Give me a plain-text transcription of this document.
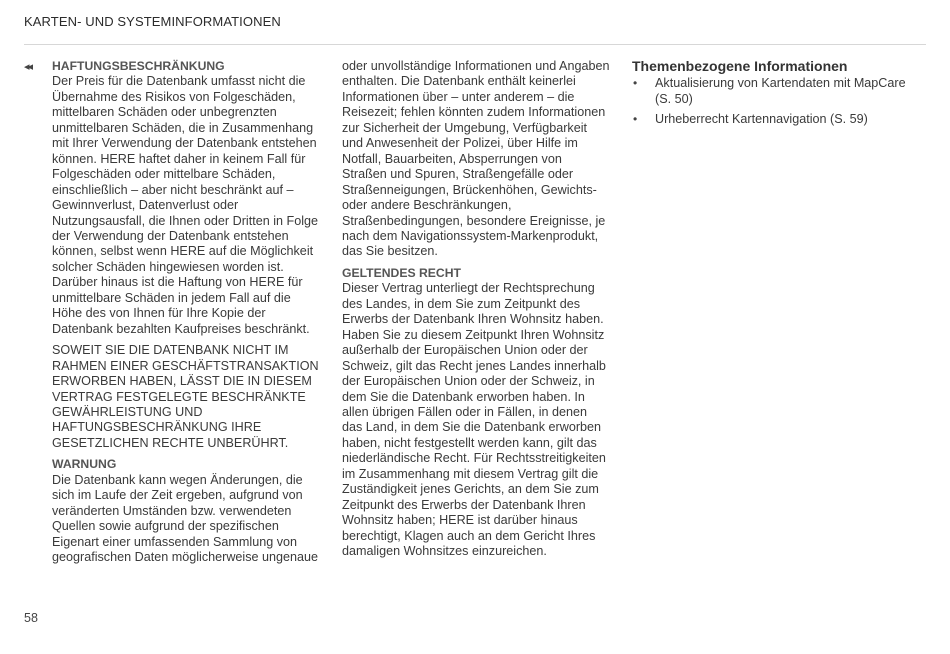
KARTEN- UND SYSTEMINFORMATIONEN
◂◂ HAFTUNGSBESCHRÄNKUNG

Der Preis für die Datenbank umfasst nicht die Übernahme des Risikos von Folgeschäden, mittelbaren Schäden oder unbegrenzten unmittelbaren Schäden, die in Zusammenhang mit Ihrer Verwendung der Datenbank entstehen können. HERE haftet daher in keinem Fall für Folgeschäden oder mittelbare Schäden, einschließlich – aber nicht beschränkt auf – Gewinnverlust, Datenverlust oder Nutzungsausfall, die Ihnen oder Dritten in Folge der Verwendung der Datenbank entstehen können, selbst wenn HERE auf die Möglichkeit solcher Schäden hingewiesen worden ist. Darüber hinaus ist die Haftung von HERE für unmittelbare Schäden in jedem Fall auf die Höhe des von Ihnen für Ihre Kopie der Datenbank bezahlten Kaufpreises beschränkt.

SOWEIT SIE DIE DATENBANK NICHT IM RAHMEN EINER GESCHÄFTSTRANSAKTION ERWORBEN HABEN, LÄSST DIE IN DIESEM VERTRAG FESTGELEGTE BESCHRÄNKTE GEWÄHRLEISTUNG UND HAFTUNGSBESCHRÄNKUNG IHRE GESETZLICHEN RECHTE UNBERÜHRT.

WARNUNG

Die Datenbank kann wegen Änderungen, die sich im Laufe der Zeit ergeben, aufgrund von veränderten Umständen bzw. verwendeten Quellen sowie aufgrund der spezifischen Eigenart einer umfassenden Sammlung von geografischen Daten möglicherweise ungenaue

oder unvollständige Informationen und Angaben enthalten. Die Datenbank enthält keinerlei Informationen über – unter anderem – die Reisezeit; fehlen könnten zudem Informationen zur Sicherheit der Umgebung, Verfügbarkeit und Anwesenheit der Polizei, über Hilfe im Notfall, Bauarbeiten, Absperrungen von Straßen und Spuren, Straßengefälle oder Straßenneigungen, Brückenhöhen, Gewichts- oder andere Beschränkungen, Straßenbedingungen, besondere Ereignisse, je nach dem Navigationssystem-Markenprodukt, das Sie besitzen.

GELTENDES RECHT

Dieser Vertrag unterliegt der Rechtsprechung des Landes, in dem Sie zum Zeitpunkt des Erwerbs der Datenbank Ihren Wohnsitz haben. Haben Sie zu diesem Zeitpunkt Ihren Wohnsitz außerhalb der Europäischen Union oder der Schweiz, gilt das Recht jenes Landes innerhalb der Europäischen Union oder der Schweiz, in dem Sie die Datenbank erworben haben. In allen übrigen Fällen oder in Fällen, in denen das Land, in dem Sie die Datenbank erworben haben, nicht festgestellt werden kann, gilt das niederländische Recht. Für Rechtsstreitigkeiten im Zusammenhang mit diesem Vertrag gilt die Zuständigkeit jenes Gerichts, an dem Sie zum Zeitpunkt des Erwerbs der Datenbank Ihren Wohnsitz haben; HERE ist darüber hinaus berechtigt, Klagen auch an dem Gericht Ihres damaligen Wohnsitzes einzureichen.

Themenbezogene Informationen
• Aktualisierung von Kartendaten mit MapCare (S. 50)
• Urheberrecht Kartennavigation (S. 59)
58
